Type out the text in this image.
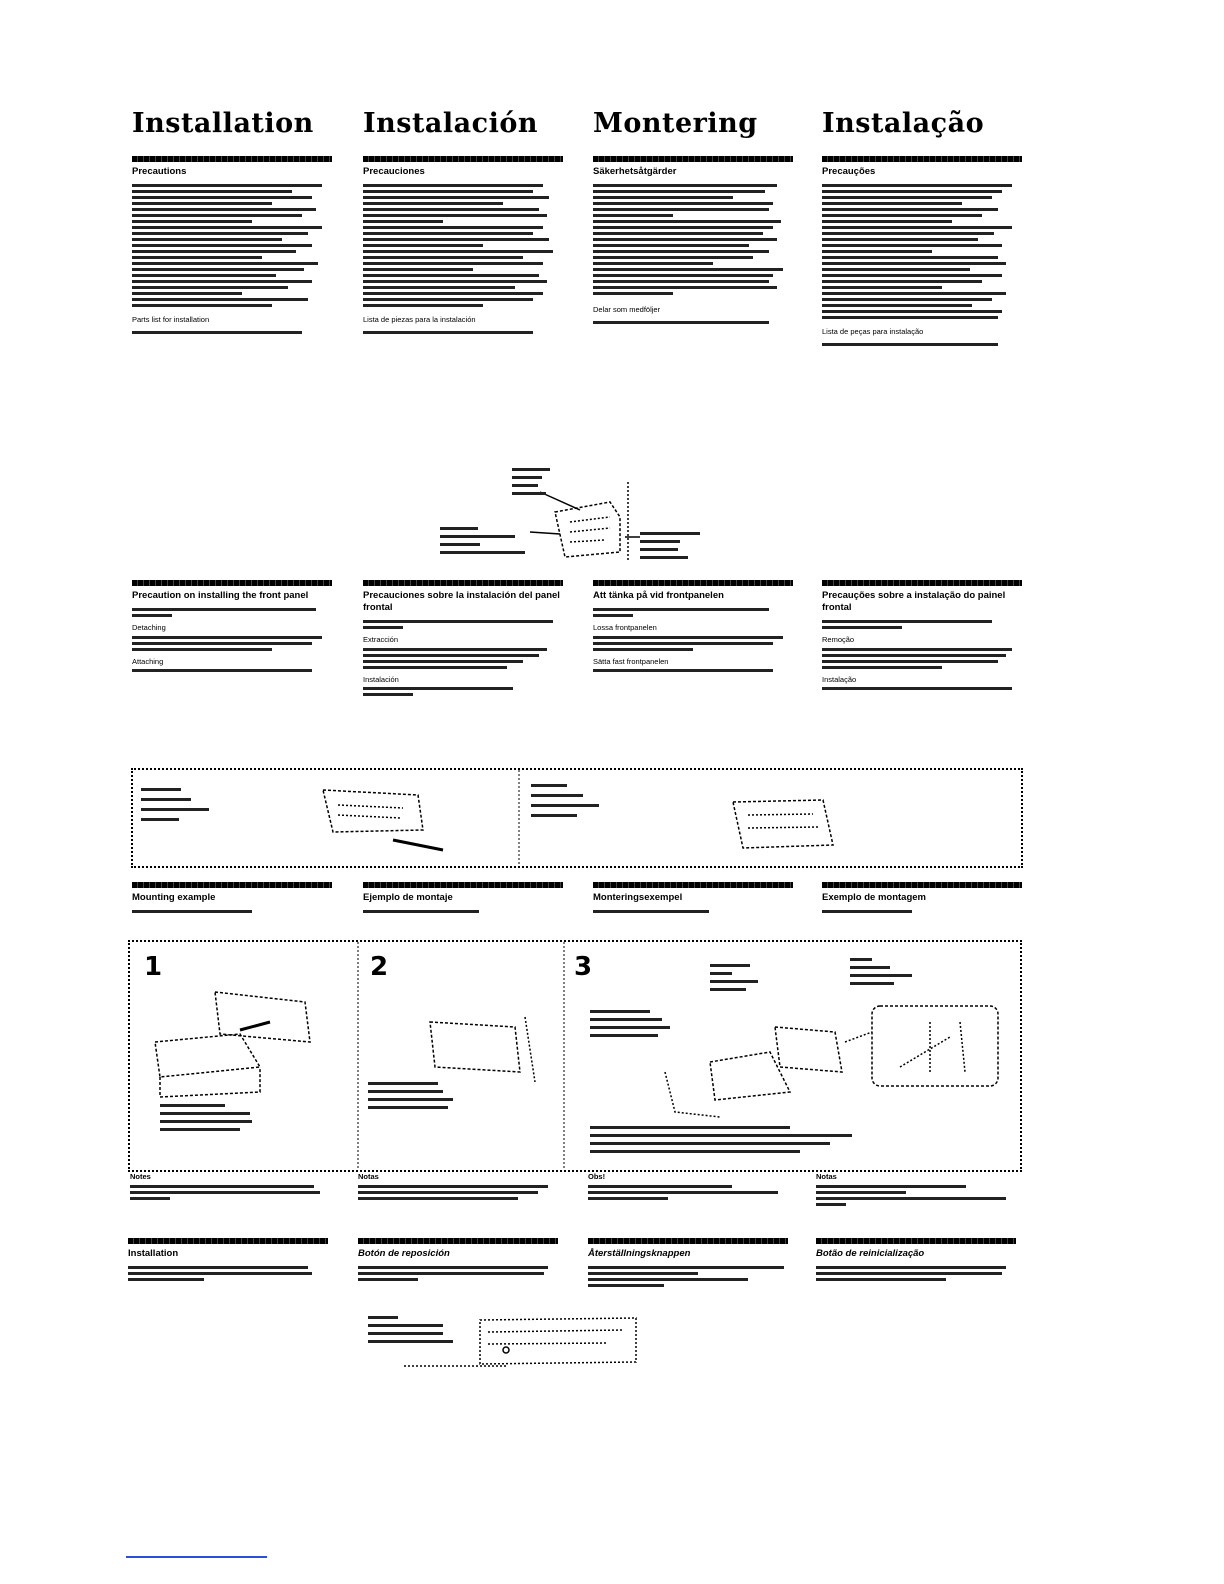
Installation Instalación Montering Instalação
Precautions
Parts list for installation
Precauciones
Lista de piezas para la instalación
Säkerhetsåtgärder
Delar som medföljer
Precauções
Lista de peças para instalação
Precaution on installing the front panel
Detaching
Attaching
Precauciones sobre la instalación del panel frontal
Extracción
Instalación
Att tänka på vid frontpanelen
Lossa frontpanelen
Sätta fast frontpanelen
Precauções sobre a instalação do painel frontal
Remoção
Instalação
Mounting example	Ejemplo de montaje	Monteringsexempel	Exemplo de montagem
1	2	3
Notes	Notas	Obs!	Notas
Installation	Botón de reposición	Återställningsknappen	Botão de reinicialização
